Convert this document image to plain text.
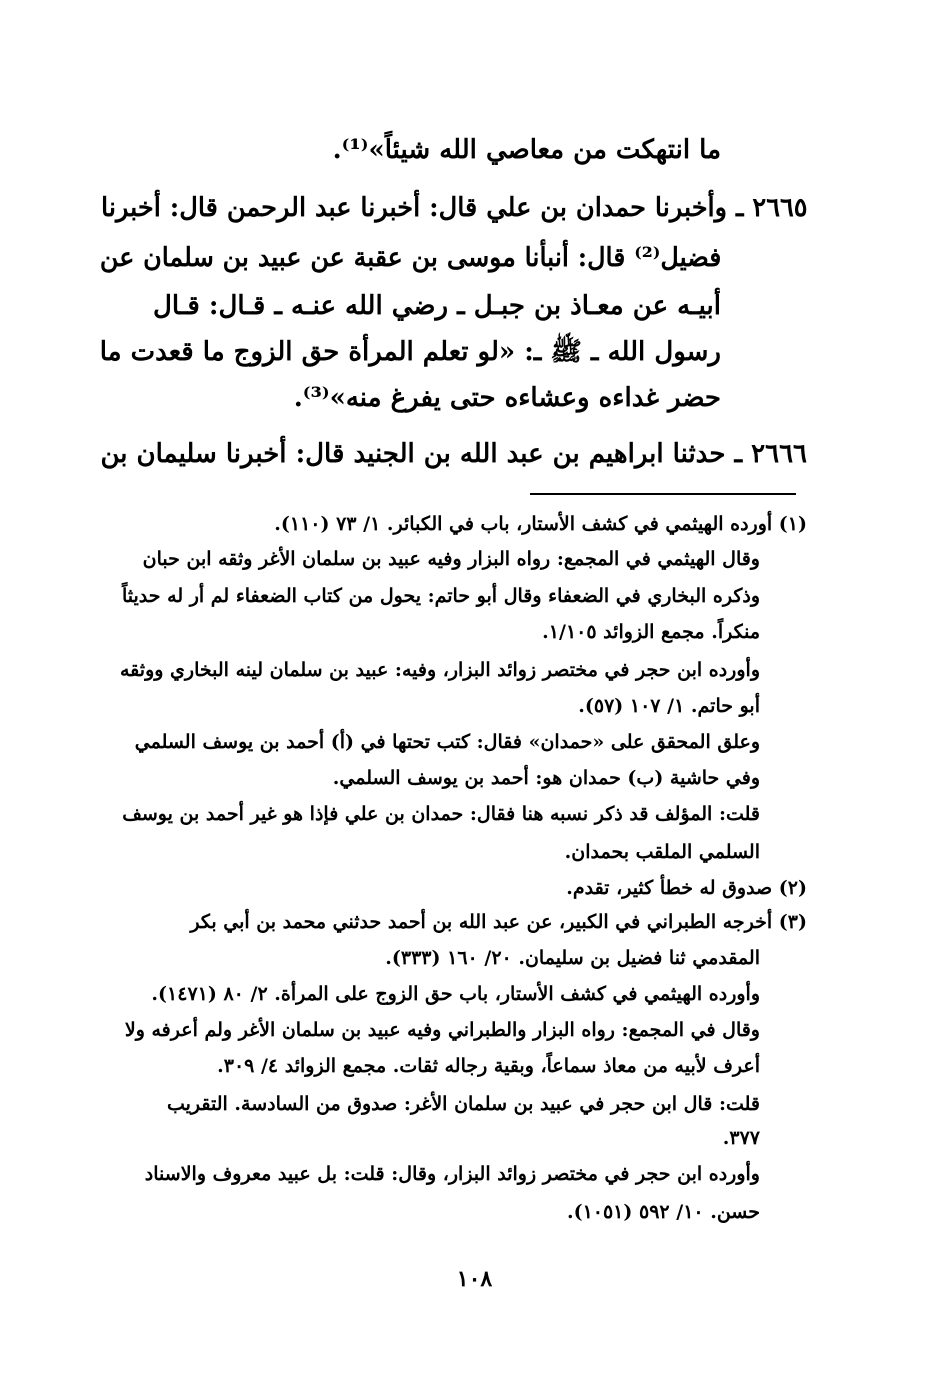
ما انتهكت من معاصي الله شيئاً»⁽¹⁾.
٢٦٦٥ ـ وأخبرنا حمدان بن علي قال: أخبرنا عبد الرحمن قال: أخبرنا
فضيل⁽²⁾ قال: أنبأنا موسى بن عقبة عن عبيد بن سلمان عن
أبيـه عن معـاذ بن جبـل ـ رضي الله عنـه ـ قـال: قـال
رسول الله ـ ﷺ ـ: «لو تعلم المرأة حق الزوج ما قعدت ما
حضر غداءه وعشاءه حتى يفرغ منه»⁽³⁾.
٢٦٦٦ ـ حدثنا ابراهيم بن عبد الله بن الجنيد قال: أخبرنا سليمان بن
(١) أورده الهيثمي في كشف الأستار، باب في الكبائر. ١/ ٧٣ (١١٠).
وقال الهيثمي في المجمع: رواه البزار وفيه عبيد بن سلمان الأغر وثقه ابن حبان
وذكره البخاري في الضعفاء وقال أبو حاتم: يحول من كتاب الضعفاء لم أر له حديثاً
منكراً. مجمع الزوائد ١/١٠٥.
وأورده ابن حجر في مختصر زوائد البزار، وفيه: عبيد بن سلمان لينه البخاري ووثقه
أبو حاتم. ١/ ١٠٧ (٥٧).
وعلق المحقق على «حمدان» فقال: كتب تحتها في (أ) أحمد بن يوسف السلمي
وفي حاشية (ب) حمدان هو: أحمد بن يوسف السلمي.
قلت: المؤلف قد ذكر نسبه هنا فقال: حمدان بن علي فإذا هو غير أحمد بن يوسف
السلمي الملقب بحمدان.
(٢) صدوق له خطأ كثير، تقدم.
(٣) أخرجه الطبراني في الكبير، عن عبد الله بن أحمد حدثني محمد بن أبي بكر
المقدمي ثنا فضيل بن سليمان. ٢٠/ ١٦٠ (٣٣٣).
وأورده الهيثمي في كشف الأستار، باب حق الزوج على المرأة. ٢/ ٨٠ (١٤٧١).
وقال في المجمع: رواه البزار والطبراني وفيه عبيد بن سلمان الأغر ولم أعرفه ولا
أعرف لأبيه من معاذ سماعاً، وبقية رجاله ثقات. مجمع الزوائد ٤/ ٣٠٩.
قلت: قال ابن حجر في عبيد بن سلمان الأغر: صدوق من السادسة. التقريب
٣٧٧.
وأورده ابن حجر في مختصر زوائد البزار، وقال: قلت: بل عبيد معروف والاسناد
حسن. ١٠/ ٥٩٢ (١٠٥١).
١٠٨
